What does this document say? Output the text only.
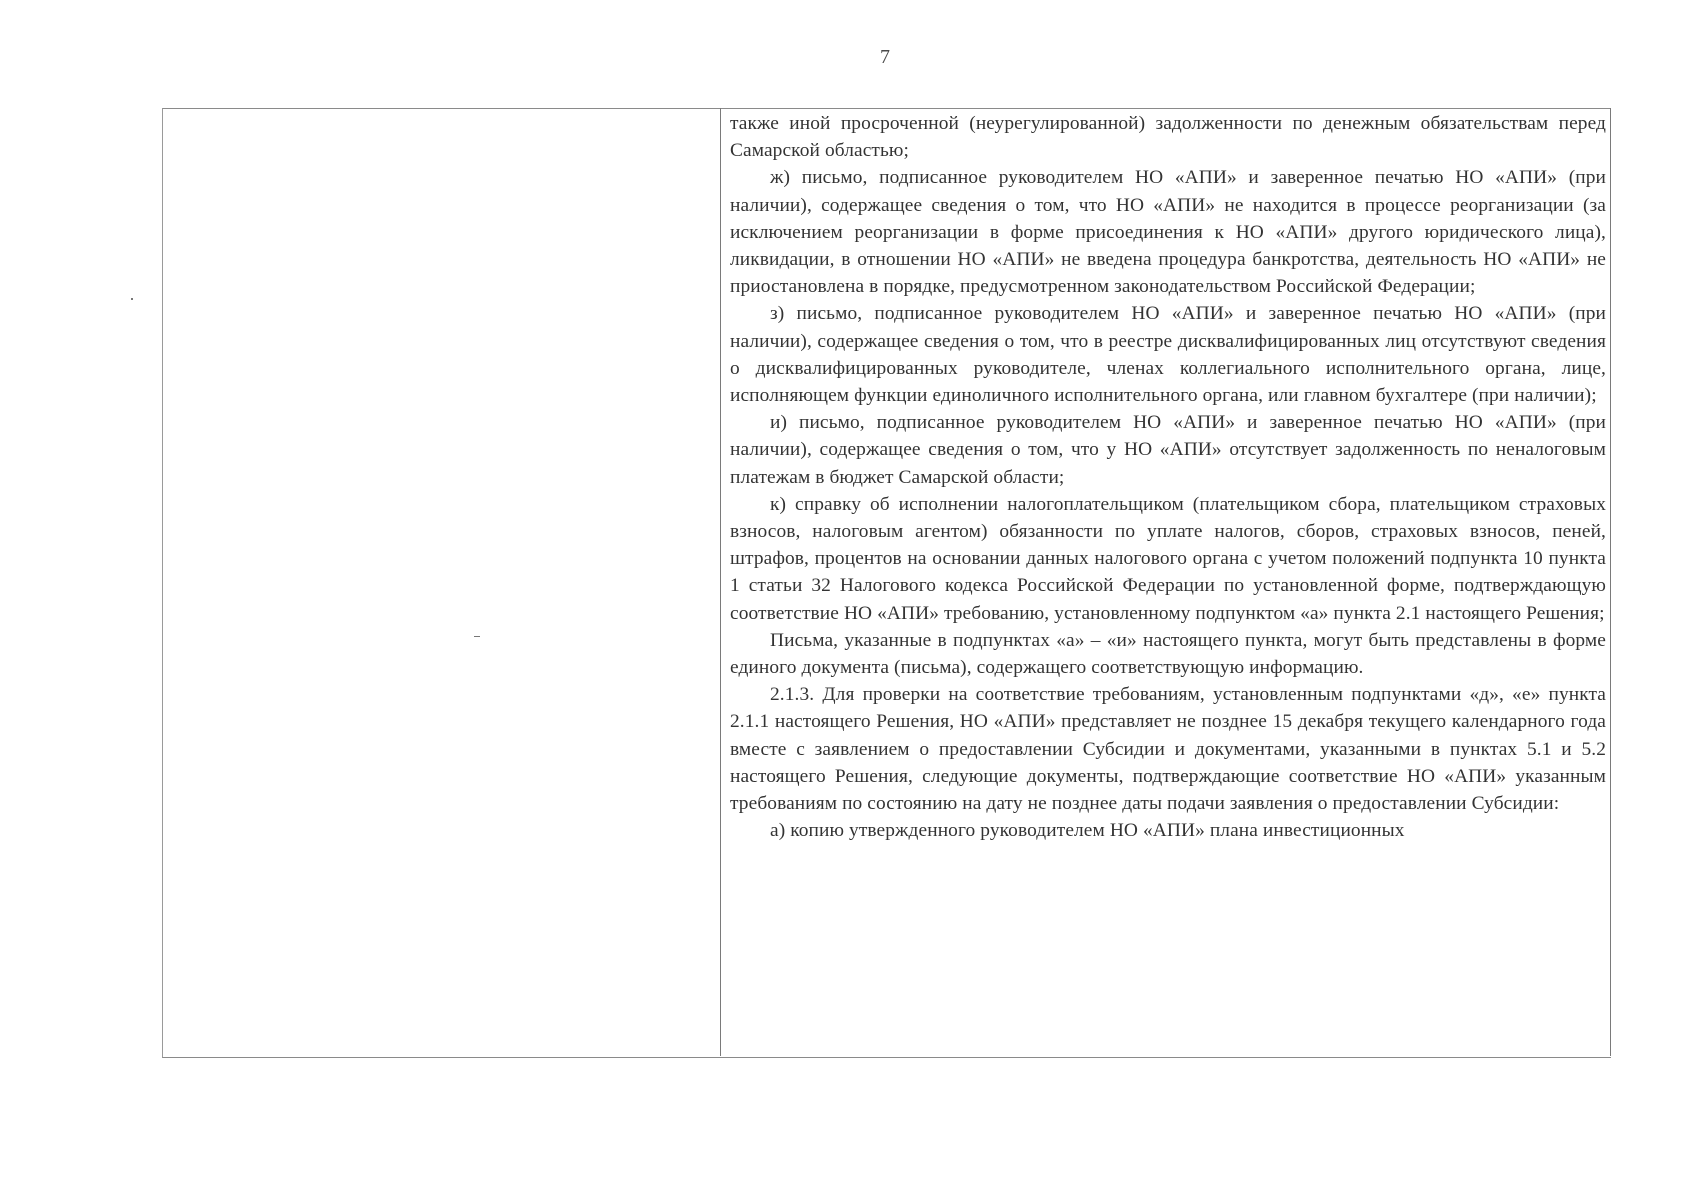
7

также иной просроченной (неурегулированной) задолженности по денежным обязательствам перед Самарской областью;

ж) письмо, подписанное руководителем НО «АПИ» и заверенное печатью НО «АПИ» (при наличии), содержащее сведения о том, что НО «АПИ» не находится в процессе реорганизации (за исключением реорганизации в форме присоединения к НО «АПИ» другого юридического лица), ликвидации, в отношении НО «АПИ» не введена процедура банкротства, деятельность НО «АПИ» не приостановлена в порядке, предусмотренном законодательством Российской Федерации;

з) письмо, подписанное руководителем НО «АПИ» и заверенное печатью НО «АПИ» (при наличии), содержащее сведения о том, что в реестре дисквалифицированных лиц отсутствуют сведения о дисквалифицированных руководителе, членах коллегиального исполнительного органа, лице, исполняющем функции единоличного исполнительного органа, или главном бухгалтере (при наличии);

и) письмо, подписанное руководителем НО «АПИ» и заверенное печатью НО «АПИ» (при наличии), содержащее сведения о том, что у НО «АПИ» отсутствует задолженность по неналоговым платежам в бюджет Самарской области;

к) справку об исполнении налогоплательщиком (плательщиком сбора, плательщиком страховых взносов, налоговым агентом) обязанности по уплате налогов, сборов, страховых взносов, пеней, штрафов, процентов на основании данных налогового органа с учетом положений подпункта 10 пункта 1 статьи 32 Налогового кодекса Российской Федерации по установленной форме, подтверждающую соответствие НО «АПИ» требованию, установленному подпунктом «а» пункта 2.1 настоящего Решения;

Письма, указанные в подпунктах «а» – «и» настоящего пункта, могут быть представлены в форме единого документа (письма), содержащего соответствующую информацию.

2.1.3. Для проверки на соответствие требованиям, установленным подпунктами «д», «е» пункта 2.1.1 настоящего Решения, НО «АПИ» представляет не позднее 15 декабря текущего календарного года вместе с заявлением о предоставлении Субсидии и документами, указанными в пунктах 5.1 и 5.2 настоящего Решения, следующие документы, подтверждающие соответствие НО «АПИ» указанным требованиям по состоянию на дату не позднее даты подачи заявления о предоставлении Субсидии:

а) копию утвержденного руководителем НО «АПИ» плана инвестиционных
